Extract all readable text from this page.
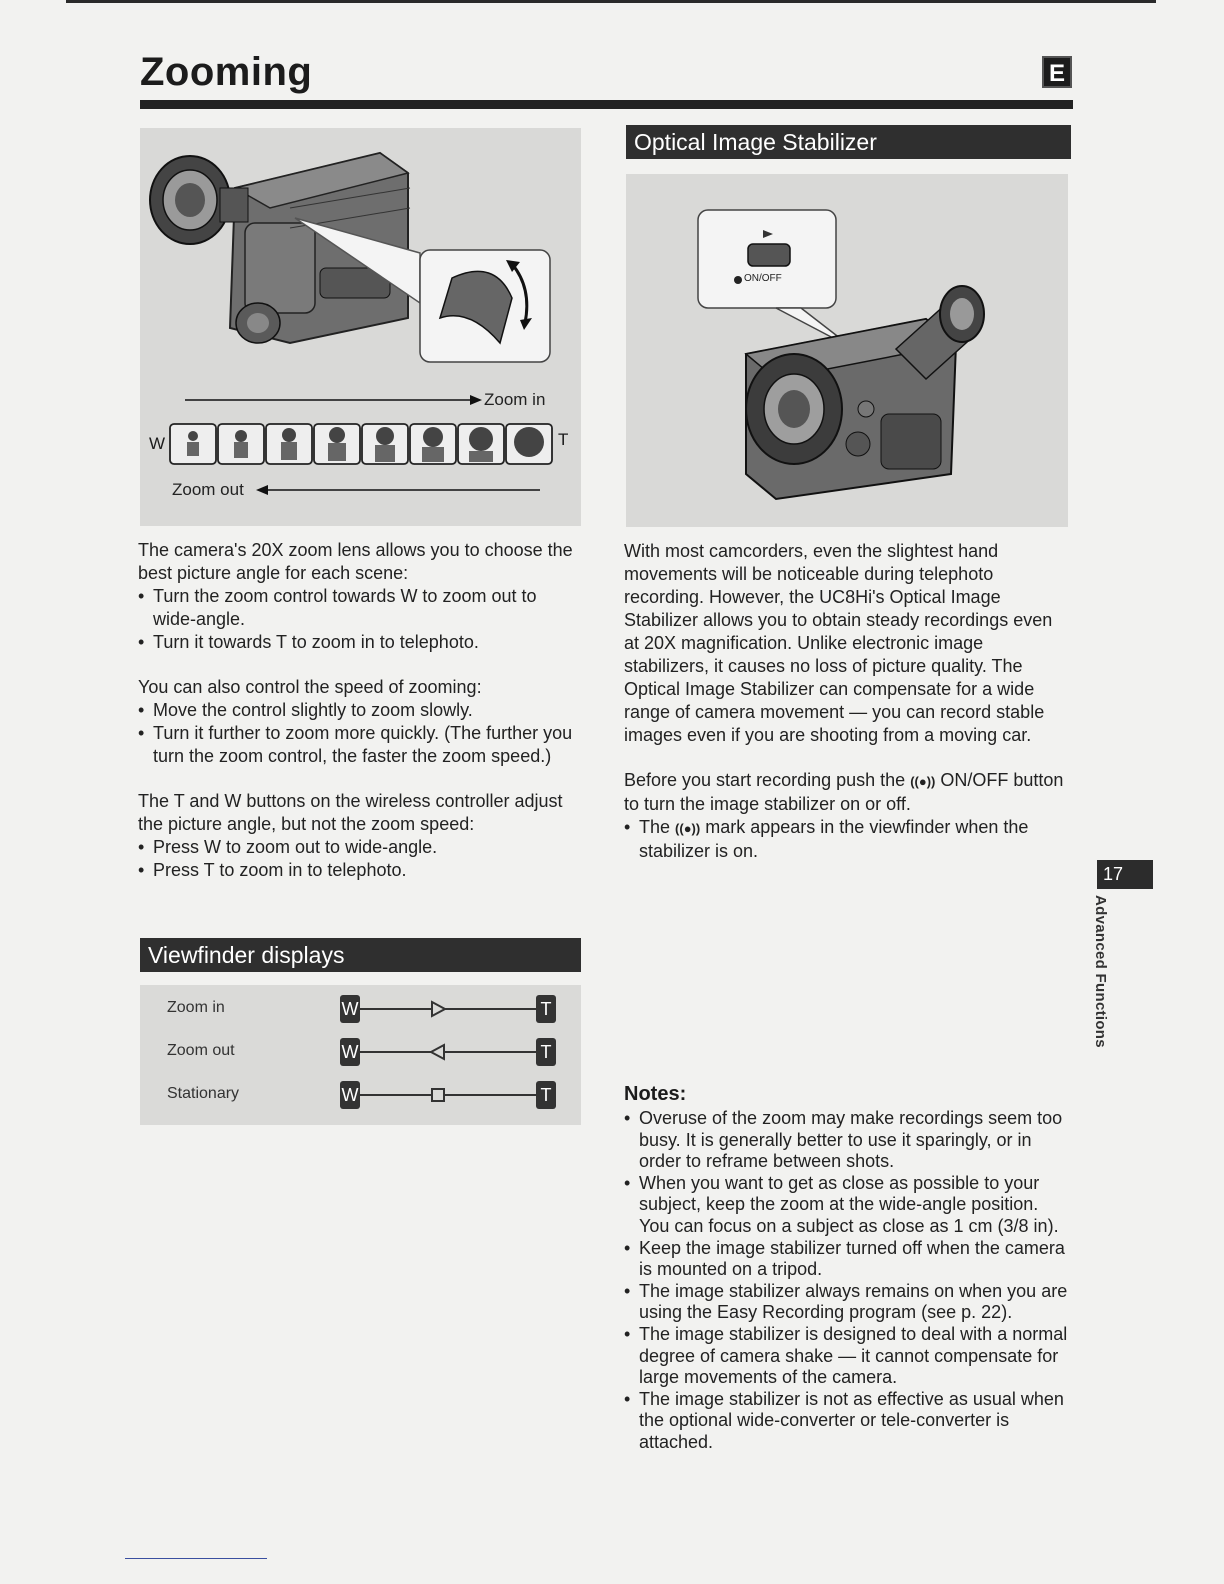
Zooming	E
Zoom in
Zoom out
W	T
Optical Image Stabilizer
ON/OFF

The camera's 20X zoom lens allows you to choose the best picture angle for each scene:

• Turn the zoom control towards W to zoom out to wide-angle.
• Turn it towards T to zoom in to telephoto.

You can also control the speed of zooming:

• Move the control slightly to zoom slowly.
• Turn it further to zoom more quickly. (The further you turn the zoom control, the faster the zoom speed.)

The T and W buttons on the wireless controller adjust the picture angle, but not the zoom speed:

• Press W to zoom out to wide-angle.
• Press T to zoom in to telephoto.
Viewfinder displays
Zoom in	W	T
Zoom out	W	T
Stationary	W	T

With most camcorders, even the slightest hand movements will be noticeable during telephoto recording. However, the UC8Hi's Optical Image Stabilizer allows you to obtain steady recordings even at 20X magnification. Unlike electronic image stabilizers, it causes no loss of picture quality. The Optical Image Stabilizer can compensate for a wide range of camera movement — you can record stable images even if you are shooting from a moving car.

Before you start recording push the ((●)) ON/OFF button to turn the image stabilizer on or off.

• The ((●)) mark appears in the viewfinder when the stabilizer is on.
Notes:
• Overuse of the zoom may make recordings seem too busy. It is generally better to use it sparingly, or in order to reframe between shots.
• When you want to get as close as possible to your subject, keep the zoom at the wide-angle position. You can focus on a subject as close as 1 cm (3/8 in).
• Keep the image stabilizer turned off when the camera is mounted on a tripod.
• The image stabilizer always remains on when you are using the Easy Recording program (see p. 22).
• The image stabilizer is designed to deal with a normal degree of camera shake — it cannot compensate for large movements of the camera.
• The image stabilizer is not as effective as usual when the optional wide-converter or tele-converter is attached.
17
Advanced Functions
